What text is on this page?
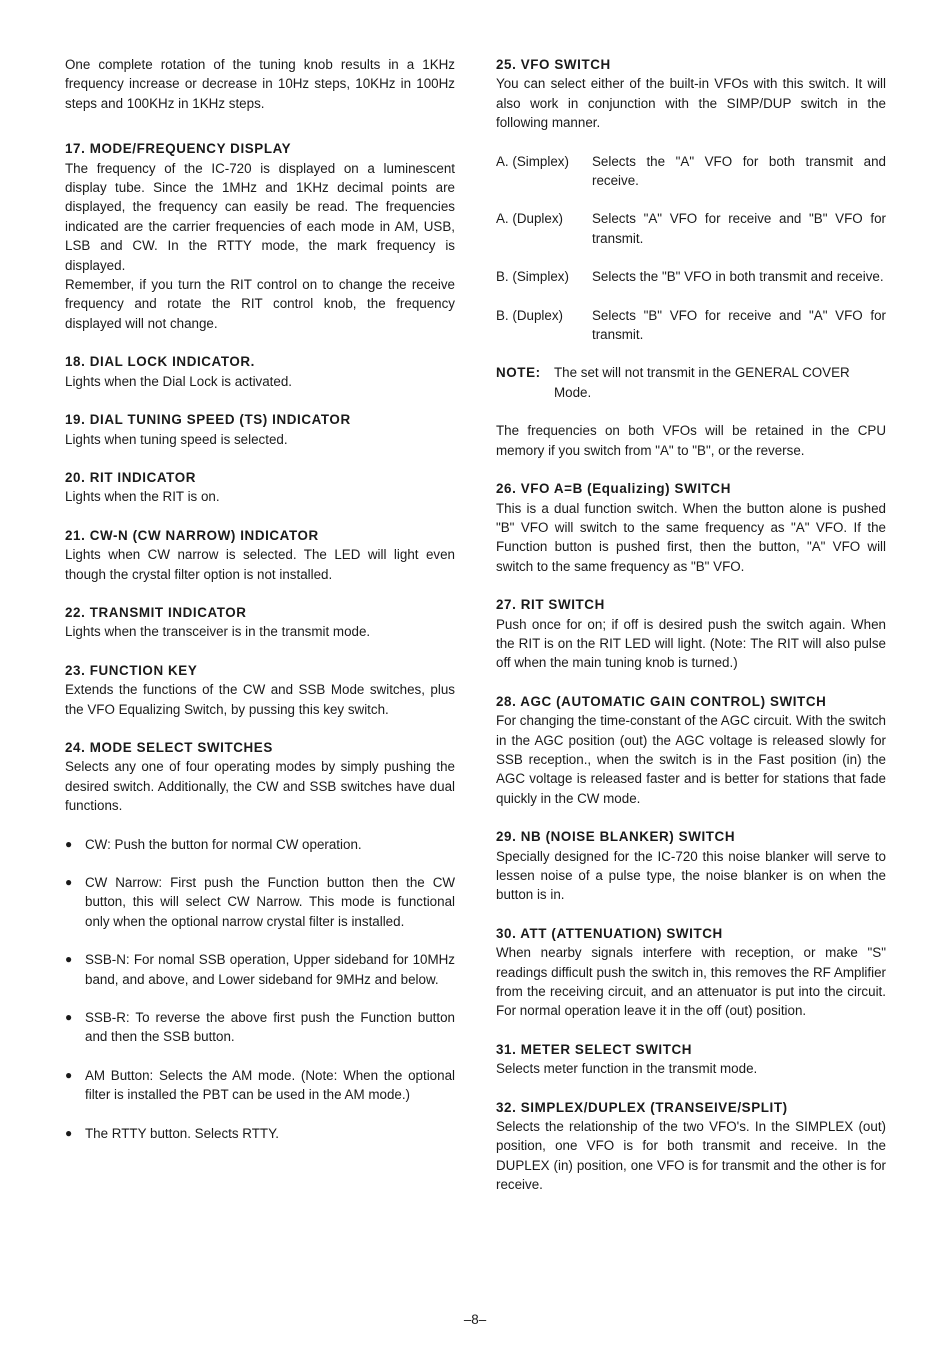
One complete rotation of the tuning knob results in a 1KHz frequency increase or decrease in 10Hz steps, 10KHz in 100Hz steps and 100KHz in 1KHz steps.

17. MODE/FREQUENCY DISPLAY

The frequency of the IC-720 is displayed on a luminescent display tube. Since the 1MHz and 1KHz decimal points are displayed, the frequency can easily be read. The frequencies indicated are the carrier frequencies of each mode in AM, USB, LSB and CW. In the RTTY mode, the mark frequency is displayed.

Remember, if you turn the RIT control on to change the receive frequency and rotate the RIT control knob, the frequency displayed will not change.

18. DIAL LOCK INDICATOR.

Lights when the Dial Lock is activated.

19. DIAL TUNING SPEED (TS) INDICATOR

Lights when tuning speed is selected.

20. RIT INDICATOR

Lights when the RIT is on.

21. CW-N (CW NARROW) INDICATOR

Lights when CW narrow is selected. The LED will light even though the crystal filter option is not installed.

22. TRANSMIT INDICATOR

Lights when the transceiver is in the transmit mode.

23. FUNCTION KEY

Extends the functions of the CW and SSB Mode switches, plus the VFO Equalizing Switch, by pussing this key switch.

24. MODE SELECT SWITCHES

Selects any one of four operating modes by simply pushing the desired switch. Additionally, the CW and SSB switches have dual functions.

● CW: Push the button for normal CW operation.
● CW Narrow: First push the Function button then the CW button, this will select CW Narrow. This mode is functional only when the optional narrow crystal filter is installed.
● SSB-N: For nomal SSB operation, Upper sideband for 10MHz band, and above, and Lower sideband for 9MHz and below.
● SSB-R: To reverse the above first push the Function button and then the SSB button.
● AM Button: Selects the AM mode. (Note: When the optional filter is installed the PBT can be used in the AM mode.)
● The RTTY button. Selects RTTY.
25. VFO SWITCH

You can select either of the built-in VFOs with this switch. It will also work in conjunction with the SIMP/DUP switch in the following manner.

A. (Simplex)	Selects the "A" VFO for both transmit and receive.
A. (Duplex)	Selects "A" VFO for receive and "B" VFO for transmit.
B. (Simplex)	Selects the "B" VFO in both transmit and receive.
B. (Duplex)	Selects "B" VFO for receive and "A" VFO for transmit.
NOTE: The set will not transmit in the GENERAL COVER Mode.

The frequencies on both VFOs will be retained in the CPU memory if you switch from "A" to "B", or the reverse.

26. VFO A=B (Equalizing) SWITCH

This is a dual function switch. When the button alone is pushed "B" VFO will switch to the same frequency as "A" VFO. If the Function button is pushed first, then the button, "A" VFO will switch to the same frequency as "B" VFO.

27. RIT SWITCH

Push once for on; if off is desired push the switch again. When the RIT is on the RIT LED will light. (Note: The RIT will also pulse off when the main tuning knob is turned.)

28. AGC (AUTOMATIC GAIN CONTROL) SWITCH

For changing the time-constant of the AGC circuit. With the switch in the AGC position (out) the AGC voltage is released slowly for SSB reception., when the switch is in the Fast position (in) the AGC voltage is released faster and is better for stations that fade quickly in the CW mode.

29. NB (NOISE BLANKER) SWITCH

Specially designed for the IC-720 this noise blanker will serve to lessen noise of a pulse type, the noise blanker is on when the button is in.

30. ATT (ATTENUATION) SWITCH

When nearby signals interfere with reception, or make "S" readings difficult push the switch in, this removes the RF Amplifier from the receiving circuit, and an attenuator is put into the circuit. For normal operation leave it in the off (out) position.

31. METER SELECT SWITCH

Selects meter function in the transmit mode.

32. SIMPLEX/DUPLEX (TRANSEIVE/SPLIT)

Selects the relationship of the two VFO's. In the SIMPLEX (out) position, one VFO is for both transmit and receive. In the DUPLEX (in) position, one VFO is for transmit and the other is for receive.

–8–
